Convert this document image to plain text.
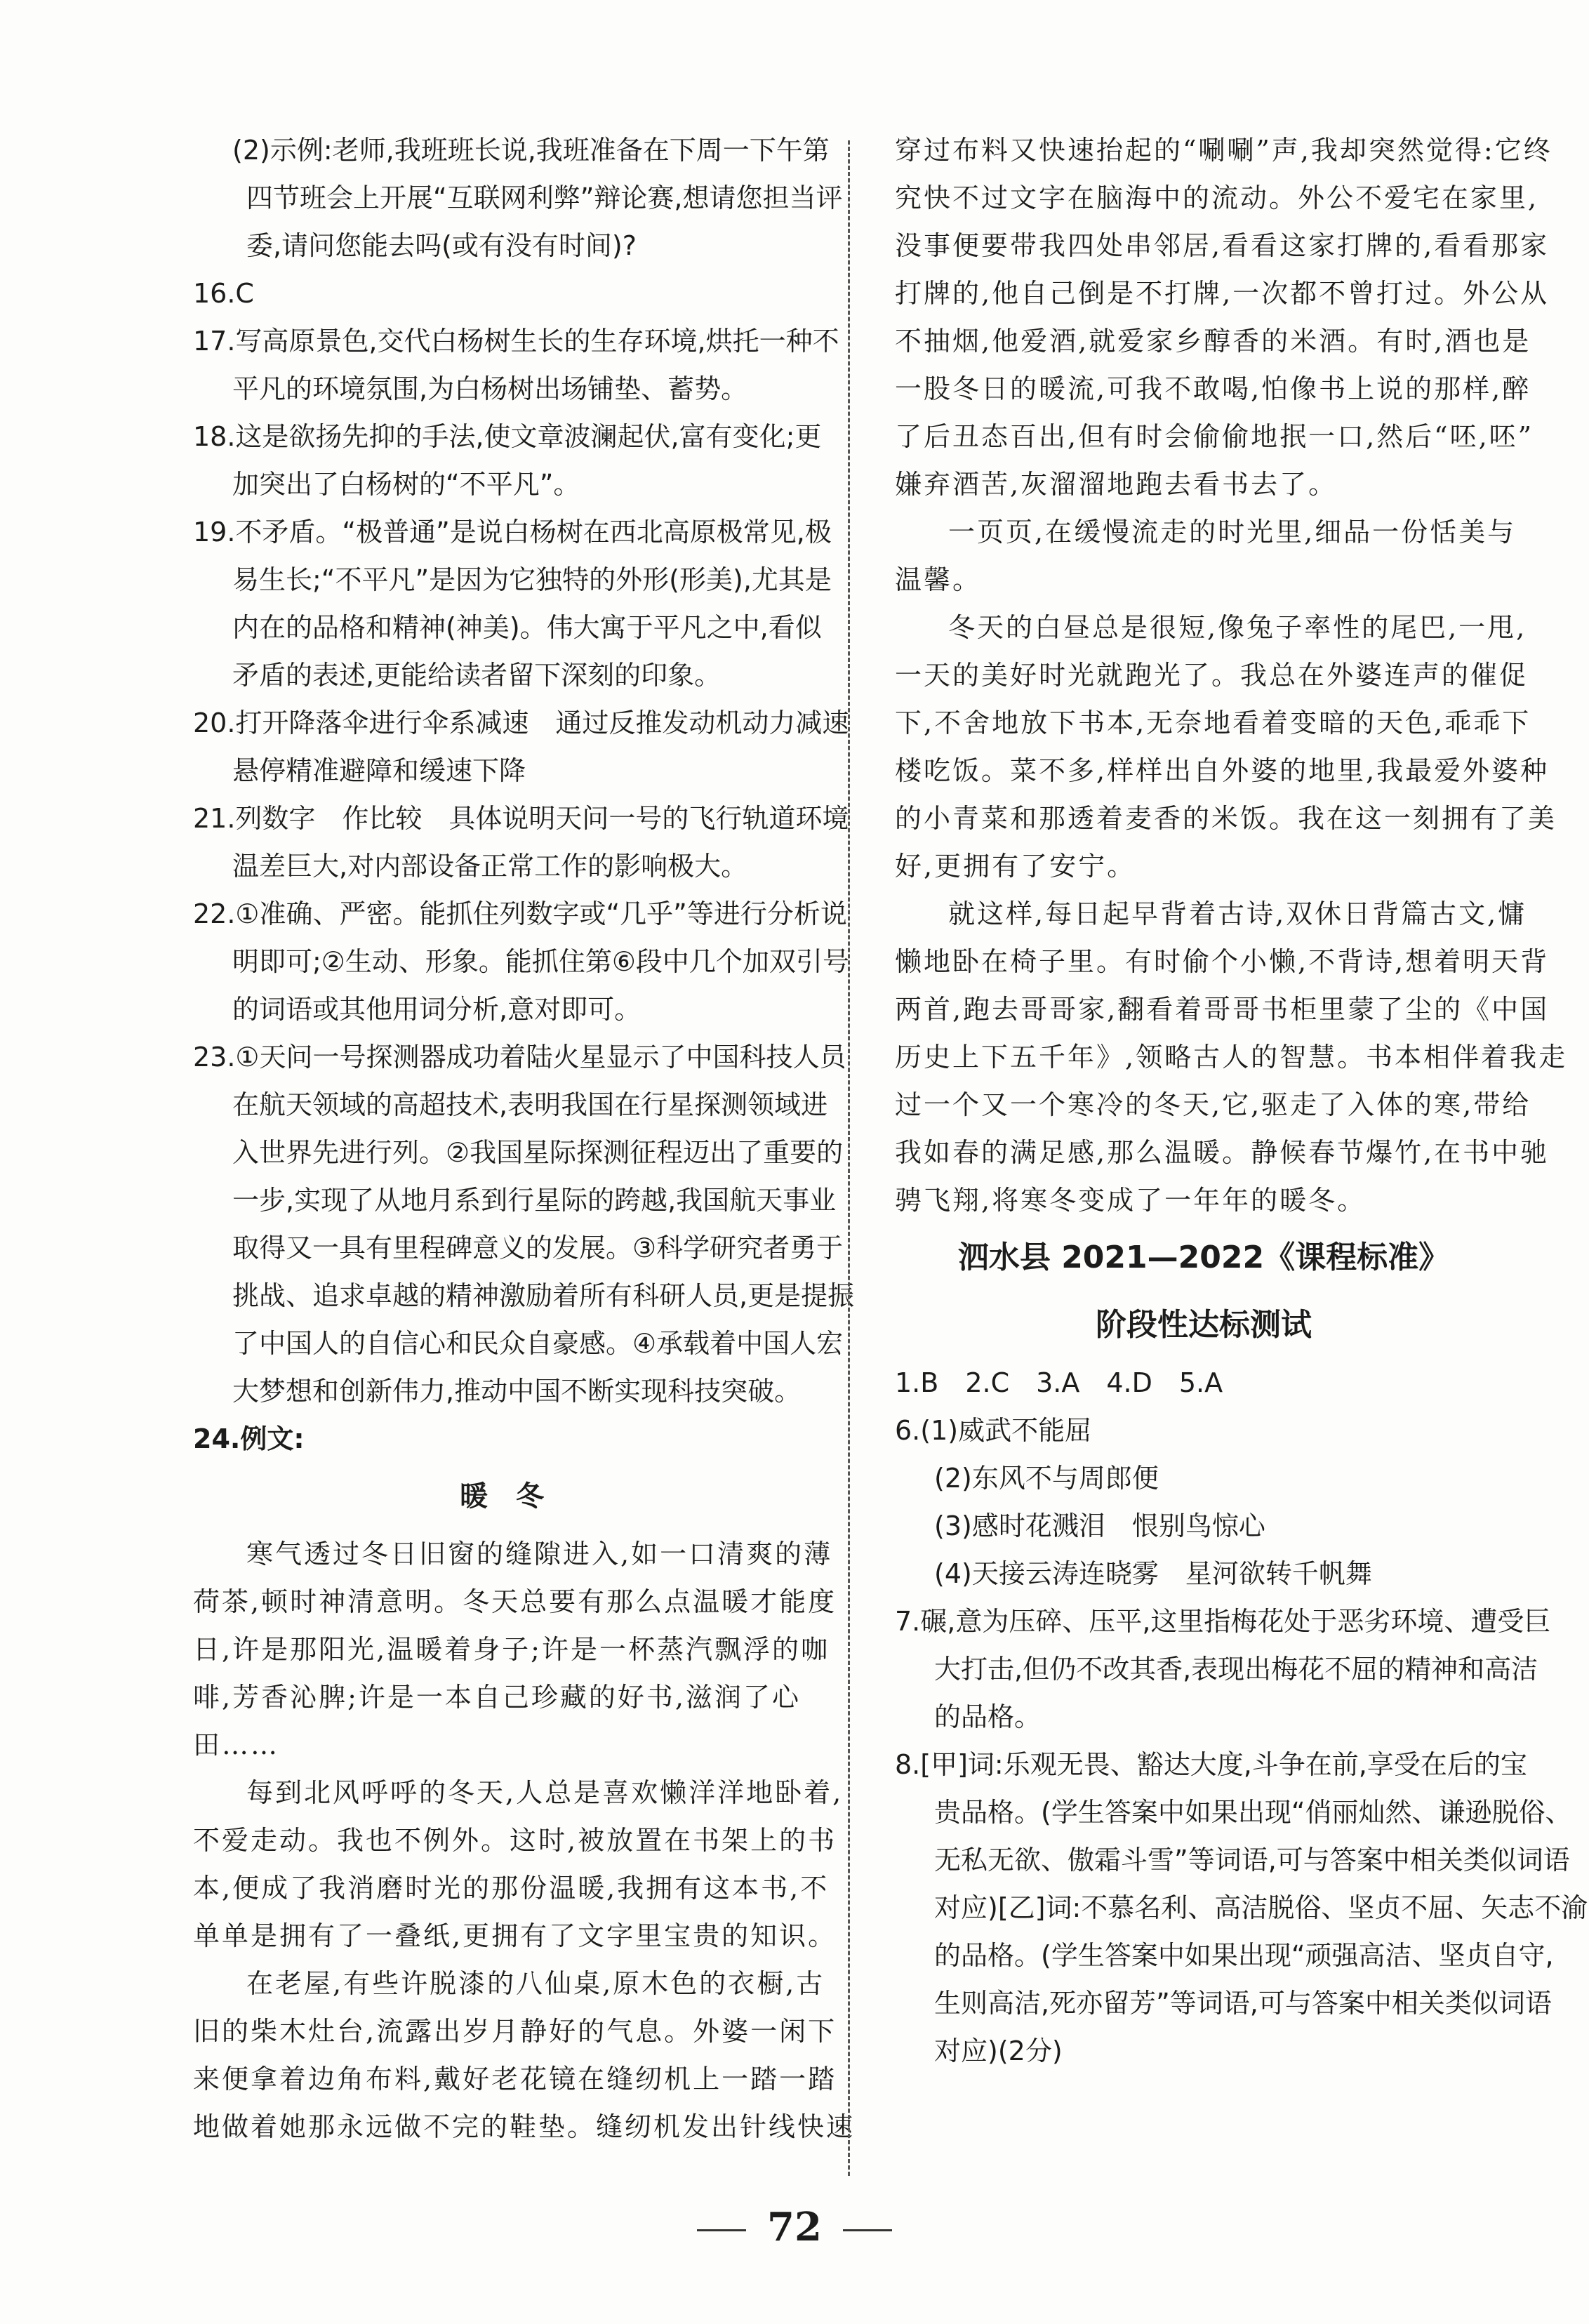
(2)示例:老师,我班班长说,我班准备在下周一下午第
四节班会上开展“互联网利弊”辩论赛,想请您担当评
委,请问您能去吗(或有没有时间)?
16.C
17.写高原景色,交代白杨树生长的生存环境,烘托一种不
平凡的环境氛围,为白杨树出场铺垫、蓄势。
18.这是欲扬先抑的手法,使文章波澜起伏,富有变化;更
加突出了白杨树的“不平凡”。
19.不矛盾。“极普通”是说白杨树在西北高原极常见,极
易生长;“不平凡”是因为它独特的外形(形美),尤其是
内在的品格和精神(神美)。伟大寓于平凡之中,看似
矛盾的表述,更能给读者留下深刻的印象。
20.打开降落伞进行伞系减速　通过反推发动机动力减速
悬停精准避障和缓速下降
21.列数字　作比较　具体说明天问一号的飞行轨道环境
温差巨大,对内部设备正常工作的影响极大。
22.①准确、严密。能抓住列数字或“几乎”等进行分析说
明即可;②生动、形象。能抓住第⑥段中几个加双引号
的词语或其他用词分析,意对即可。
23.①天问一号探测器成功着陆火星显示了中国科技人员
在航天领域的高超技术,表明我国在行星探测领域进
入世界先进行列。②我国星际探测征程迈出了重要的
一步,实现了从地月系到行星际的跨越,我国航天事业
取得又一具有里程碑意义的发展。③科学研究者勇于
挑战、追求卓越的精神激励着所有科研人员,更是提振
了中国人的自信心和民众自豪感。④承载着中国人宏
大梦想和创新伟力,推动中国不断实现科技突破。
24.例文:
暖　冬
寒气透过冬日旧窗的缝隙进入,如一口清爽的薄
荷茶,顿时神清意明。冬天总要有那么点温暖才能度
日,许是那阳光,温暖着身子;许是一杯蒸汽飘浮的咖
啡,芳香沁脾;许是一本自己珍藏的好书,滋润了心
田……
每到北风呼呼的冬天,人总是喜欢懒洋洋地卧着,
不爱走动。我也不例外。这时,被放置在书架上的书
本,便成了我消磨时光的那份温暖,我拥有这本书,不
单单是拥有了一叠纸,更拥有了文字里宝贵的知识。
在老屋,有些许脱漆的八仙桌,原木色的衣橱,古
旧的柴木灶台,流露出岁月静好的气息。外婆一闲下
来便拿着边角布料,戴好老花镜在缝纫机上一踏一踏
地做着她那永远做不完的鞋垫。缝纫机发出针线快速
穿过布料又快速抬起的“唰唰”声,我却突然觉得:它终
究快不过文字在脑海中的流动。外公不爱宅在家里,
没事便要带我四处串邻居,看看这家打牌的,看看那家
打牌的,他自己倒是不打牌,一次都不曾打过。外公从
不抽烟,他爱酒,就爱家乡醇香的米酒。有时,酒也是
一股冬日的暖流,可我不敢喝,怕像书上说的那样,醉
了后丑态百出,但有时会偷偷地抿一口,然后“呸,呸”
嫌弃酒苦,灰溜溜地跑去看书去了。
一页页,在缓慢流走的时光里,细品一份恬美与
温馨。
冬天的白昼总是很短,像兔子率性的尾巴,一甩,
一天的美好时光就跑光了。我总在外婆连声的催促
下,不舍地放下书本,无奈地看着变暗的天色,乖乖下
楼吃饭。菜不多,样样出自外婆的地里,我最爱外婆种
的小青菜和那透着麦香的米饭。我在这一刻拥有了美
好,更拥有了安宁。
就这样,每日起早背着古诗,双休日背篇古文,慵
懒地卧在椅子里。有时偷个小懒,不背诗,想着明天背
两首,跑去哥哥家,翻看着哥哥书柜里蒙了尘的《中国
历史上下五千年》,领略古人的智慧。书本相伴着我走
过一个又一个寒冷的冬天,它,驱走了入体的寒,带给
我如春的满足感,那么温暖。静候春节爆竹,在书中驰
骋飞翔,将寒冬变成了一年年的暖冬。
泗水县 2021—2022《课程标准》
阶段性达标测试
1.B　2.C　3.A　4.D　5.A
6.(1)威武不能屈
(2)东风不与周郎便
(3)感时花溅泪　恨别鸟惊心
(4)天接云涛连晓雾　星河欲转千帆舞
7.碾,意为压碎、压平,这里指梅花处于恶劣环境、遭受巨
大打击,但仍不改其香,表现出梅花不屈的精神和高洁
的品格。
8.[甲]词:乐观无畏、豁达大度,斗争在前,享受在后的宝
贵品格。(学生答案中如果出现“俏丽灿然、谦逊脱俗、
无私无欲、傲霜斗雪”等词语,可与答案中相关类似词语
对应)[乙]词:不慕名利、高洁脱俗、坚贞不屈、矢志不渝
的品格。(学生答案中如果出现“顽强高洁、坚贞自守,
生则高洁,死亦留芳”等词语,可与答案中相关类似词语
对应)(2分)
72
